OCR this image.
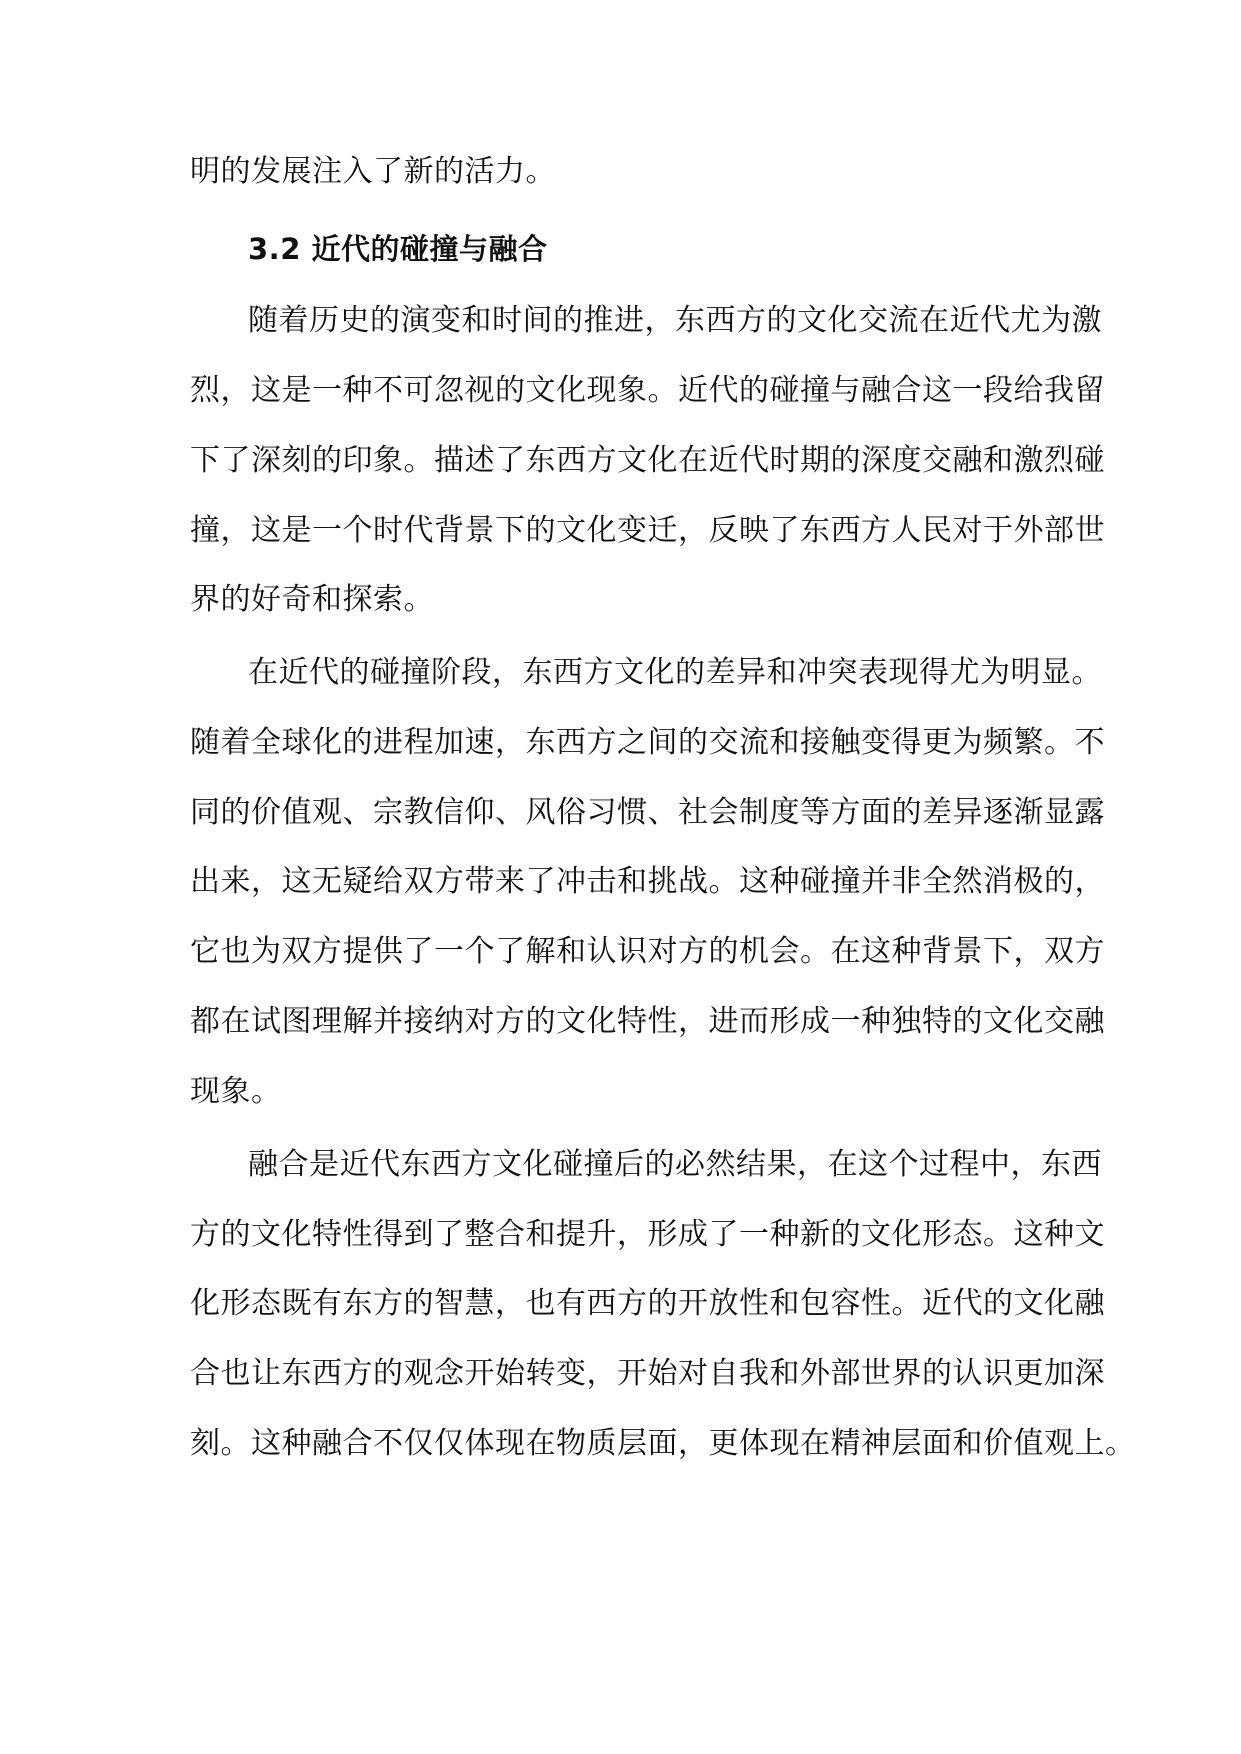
明的发展注入了新的活力。
3.2 近代的碰撞与融合
随着历史的演变和时间的推进，东西方的文化交流在近代尤为激
烈，这是一种不可忽视的文化现象。近代的碰撞与融合这一段给我留
下了深刻的印象。描述了东西方文化在近代时期的深度交融和激烈碰
撞，这是一个时代背景下的文化变迁，反映了东西方人民对于外部世
界的好奇和探索。
在近代的碰撞阶段，东西方文化的差异和冲突表现得尤为明显。
随着全球化的进程加速，东西方之间的交流和接触变得更为频繁。不
同的价值观、宗教信仰、风俗习惯、社会制度等方面的差异逐渐显露
出来，这无疑给双方带来了冲击和挑战。这种碰撞并非全然消极的，
它也为双方提供了一个了解和认识对方的机会。在这种背景下，双方
都在试图理解并接纳对方的文化特性，进而形成一种独特的文化交融
现象。
融合是近代东西方文化碰撞后的必然结果，在这个过程中，东西
方的文化特性得到了整合和提升，形成了一种新的文化形态。这种文
化形态既有东方的智慧，也有西方的开放性和包容性。近代的文化融
合也让东西方的观念开始转变，开始对自我和外部世界的认识更加深
刻。这种融合不仅仅体现在物质层面，更体现在精神层面和价值观上。
